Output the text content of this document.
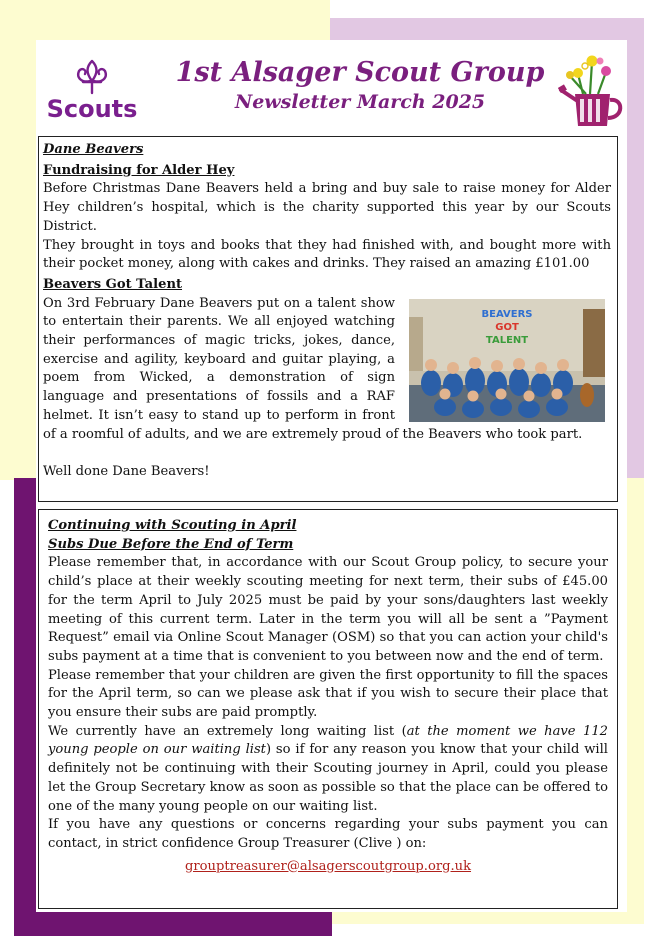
Scouts
1st Alsager Scout Group
Newsletter March 2025

Dane Beavers

Fundraising for Alder Hey

Before Christmas Dane Beavers held a bring and buy sale to raise money for Alder Hey children’s hospital, which is the charity supported this year by our Scouts District.

They brought in toys and books that they had finished with, and bought more with their pocket money, along with cakes and drinks. They raised an amazing £101.00

Beavers Got Talent

BEAVERS
GOT
TALENT
On 3rd February Dane Beavers put on a talent show to entertain their parents. We all enjoyed watching their performances of magic tricks, jokes, dance, exercise and agility, keyboard and guitar playing, a poem from Wicked, a demonstration of sign language and presentations of fossils and a RAF helmet. It isn’t easy to stand up to perform in front of a roomful of adults, and we are extremely proud of the Beavers who took part.

Well done Dane Beavers!

Continuing with Scouting in April

Subs Due Before the End of Term

Please remember that, in accordance with our Scout Group policy, to secure your child’s place at their weekly scouting meeting for next term, their subs of £45.00 for the term April to July 2025 must be paid by your sons/daughters last weekly meeting of this current term. Later in the term you will all be sent a ”Payment Request” email via Online Scout Manager (OSM) so that you can action your child's subs payment at a time that is convenient to you between now and the end of term.

Please remember that your children are given the first opportunity to fill the spaces for the April term, so can we please ask that if you wish to secure their place that you ensure their subs are paid promptly.

We currently have an extremely long waiting list (at the moment we have 112 young people on our waiting list) so if for any reason you know that your child will definitely not be continuing with their Scouting journey in April, could you please let the Group Secretary know as soon as possible so that the place can be offered to one of the many young people on our waiting list.

If you have any questions or concerns regarding your subs payment you can contact, in strict confidence Group Treasurer (Clive ) on:

grouptreasurer@alsagerscoutgroup.org.uk
